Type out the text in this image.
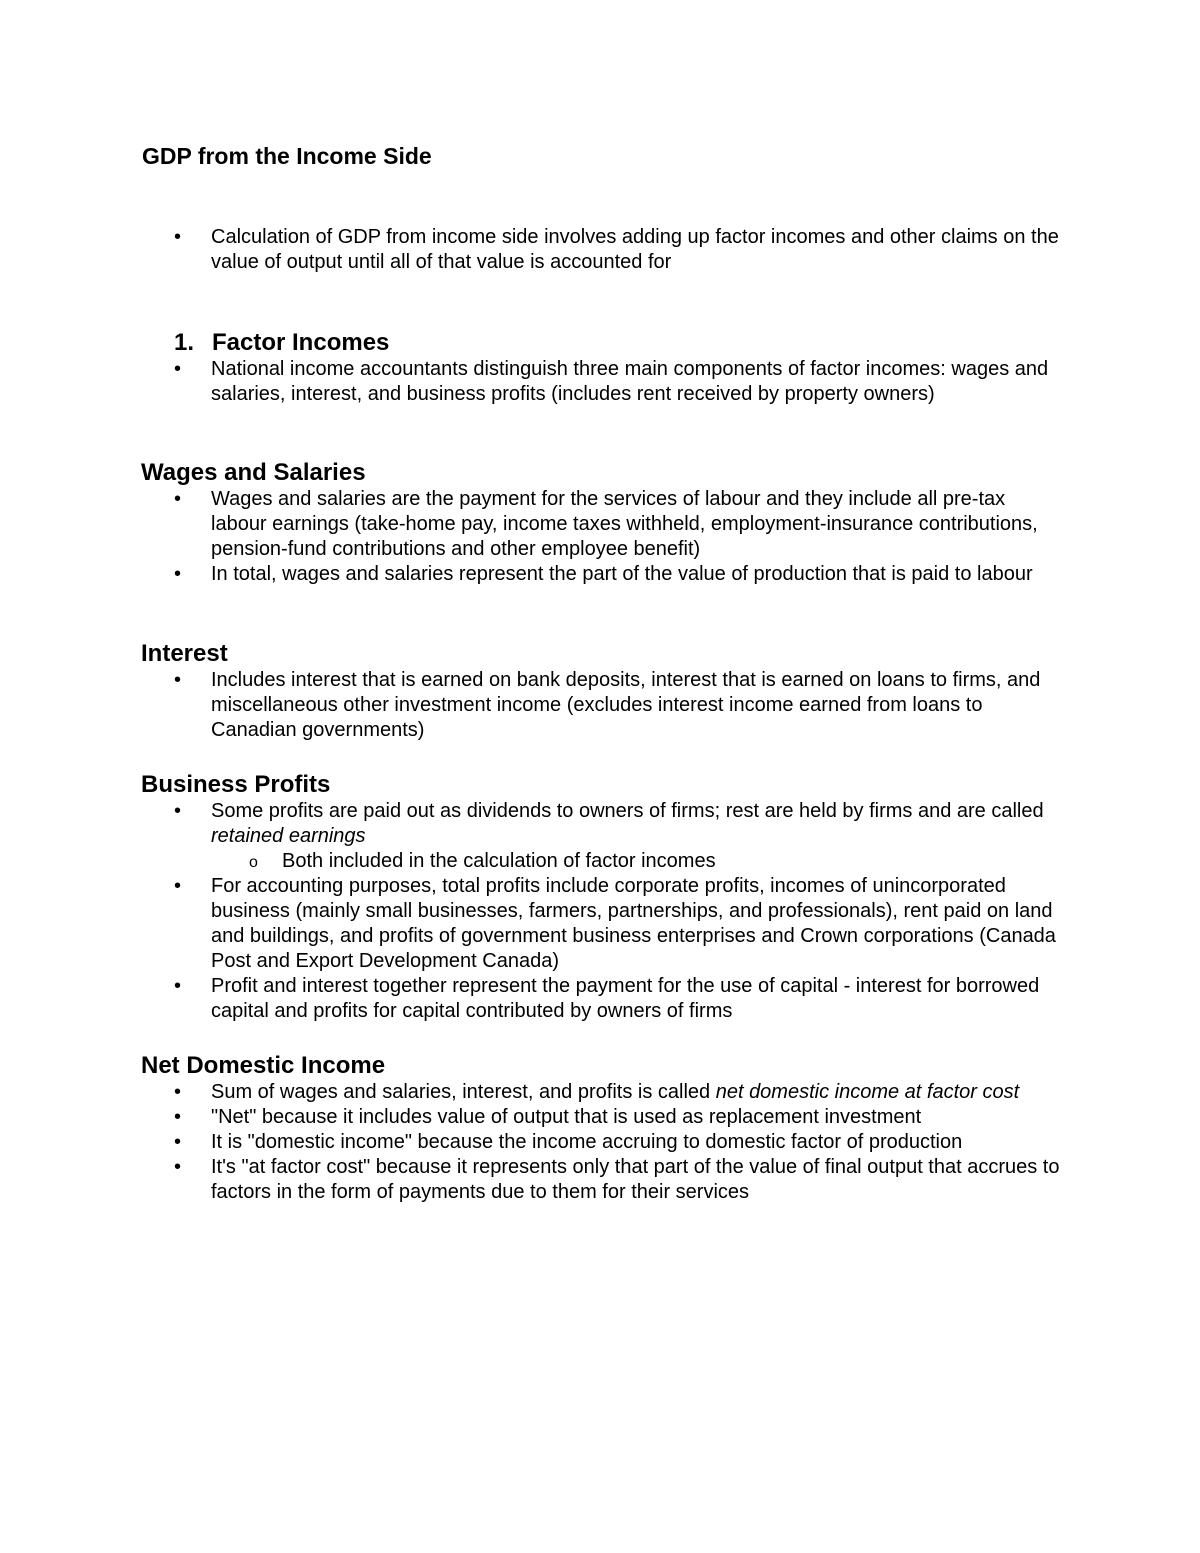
GDP from the Income Side
•	Calculation of GDP from income side involves adding up factor incomes and other claims on the value of output until all of that value is accounted for
1. Factor Incomes
•	National income accountants distinguish three main components of factor incomes: wages and salaries, interest, and business profits (includes rent received by property owners)
Wages and Salaries
•	Wages and salaries are the payment for the services of labour and they include all pre-tax labour earnings (take-home pay, income taxes withheld, employment-insurance contributions, pension-fund contributions and other employee benefit)
•	In total, wages and salaries represent the part of the value of production that is paid to labour
Interest
•	Includes interest that is earned on bank deposits, interest that is earned on loans to firms, and miscellaneous other investment income (excludes interest income earned from loans to Canadian governments)
Business Profits
•	Some profits are paid out as dividends to owners of firms; rest are held by firms and are called retained earnings
o Both included in the calculation of factor incomes
•	For accounting purposes, total profits include corporate profits, incomes of unincorporated business (mainly small businesses, farmers, partnerships, and professionals), rent paid on land and buildings, and profits of government business enterprises and Crown corporations (Canada Post and Export Development Canada)
•	Profit and interest together represent the payment for the use of capital - interest for borrowed capital and profits for capital contributed by owners of firms
Net Domestic Income
•	Sum of wages and salaries, interest, and profits is called net domestic income at factor cost
•	"Net" because it includes value of output that is used as replacement investment
•	It is "domestic income" because the income accruing to domestic factor of production
•	It's "at factor cost" because it represents only that part of the value of final output that accrues to factors in the form of payments due to them for their services
